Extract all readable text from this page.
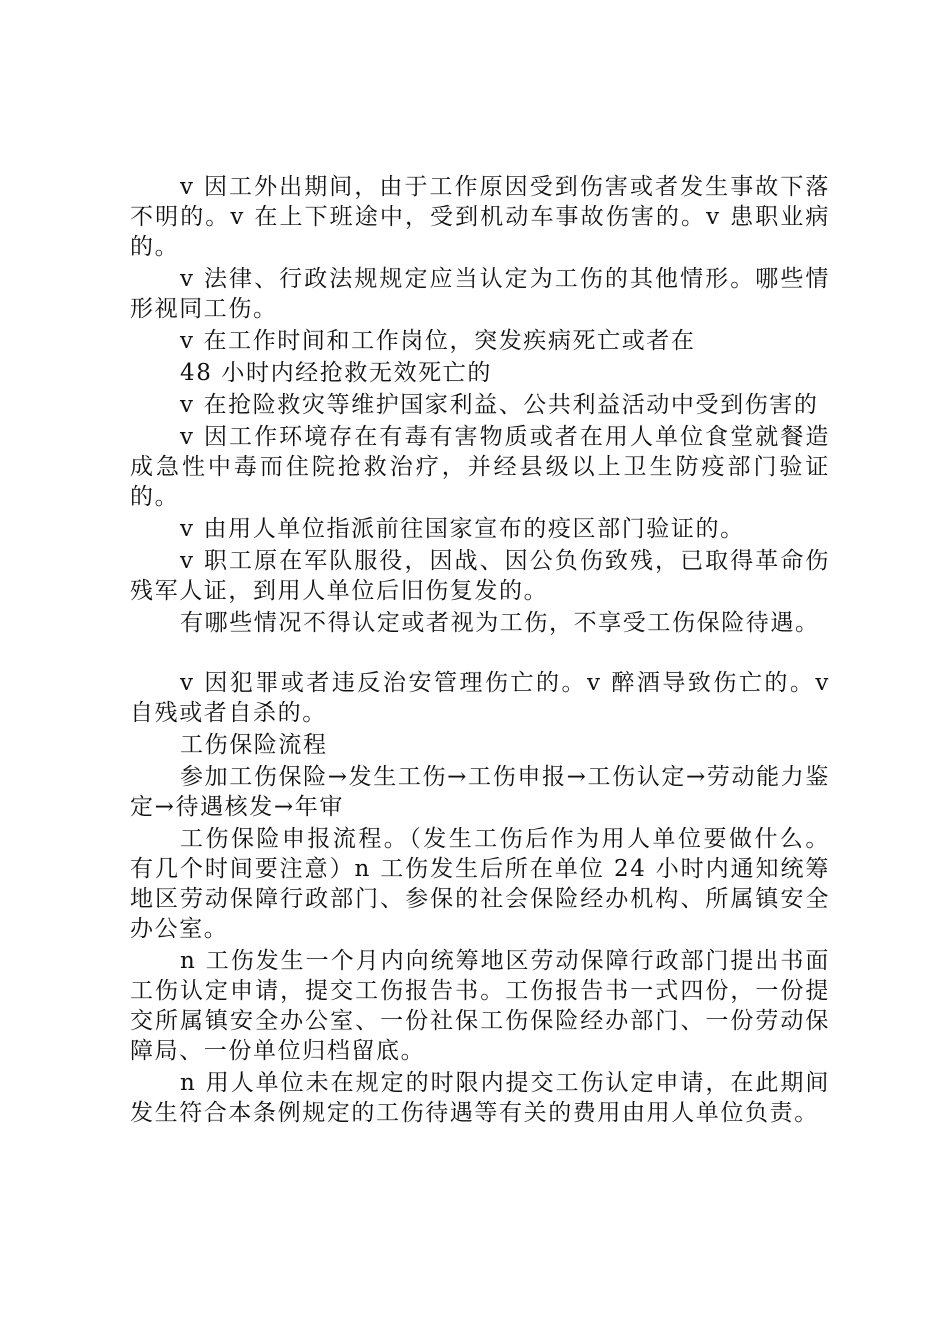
v 因工外出期间，由于工作原因受到伤害或者发生事故下落不明的。v 在上下班途中，受到机动车事故伤害的。v 患职业病的。

v 法律、行政法规规定应当认定为工伤的其他情形。哪些情形视同工伤。

v 在工作时间和工作岗位，突发疾病死亡或者在

48 小时内经抢救无效死亡的

v 在抢险救灾等维护国家利益、公共利益活动中受到伤害的

v 因工作环境存在有毒有害物质或者在用人单位食堂就餐造成急性中毒而住院抢救治疗，并经县级以上卫生防疫部门验证的。

v 由用人单位指派前往国家宣布的疫区部门验证的。

v 职工原在军队服役，因战、因公负伤致残，已取得革命伤残军人证，到用人单位后旧伤复发的。

有哪些情况不得认定或者视为工伤，不享受工伤保险待遇。

v 因犯罪或者违反治安管理伤亡的。v 醉酒导致伤亡的。v 自残或者自杀的。

工伤保险流程

参加工伤保险→发生工伤→工伤申报→工伤认定→劳动能力鉴定→待遇核发→年审

工伤保险申报流程。（发生工伤后作为用人单位要做什么。有几个时间要注意）n 工伤发生后所在单位 24 小时内通知统筹地区劳动保障行政部门、参保的社会保险经办机构、所属镇安全办公室。

n 工伤发生一个月内向统筹地区劳动保障行政部门提出书面工伤认定申请，提交工伤报告书。工伤报告书一式四份，一份提交所属镇安全办公室、一份社保工伤保险经办部门、一份劳动保障局、一份单位归档留底。

n 用人单位未在规定的时限内提交工伤认定申请，在此期间发生符合本条例规定的工伤待遇等有关的费用由用人单位负责。
